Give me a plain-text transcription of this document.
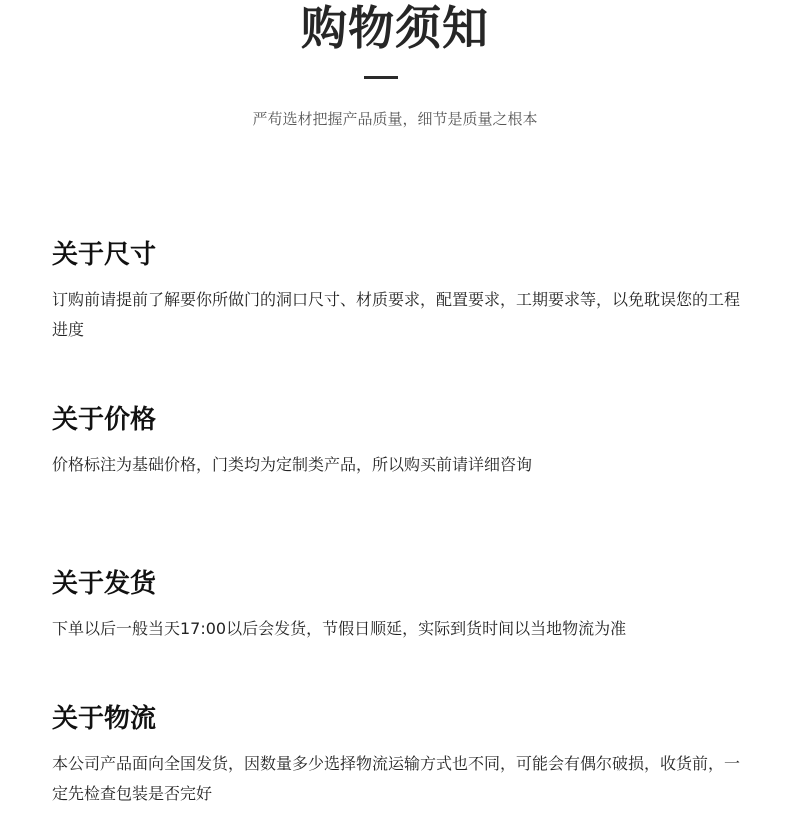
购物须知
严苟选材把握产品质量，细节是质量之根本
关于尺寸
订购前请提前了解要你所做门的洞口尺寸、材质要求，配置要求，工期要求等，以免耽误您的工程进度
关于价格
价格标注为基础价格，门类均为定制类产品，所以购买前请详细咨询
关于发货
下单以后一般当天17:00以后会发货，节假日顺延，实际到货时间以当地物流为准
关于物流
本公司产品面向全国发货，因数量多少选择物流运输方式也不同，可能会有偶尔破损，收货前，一定先检查包装是否完好
